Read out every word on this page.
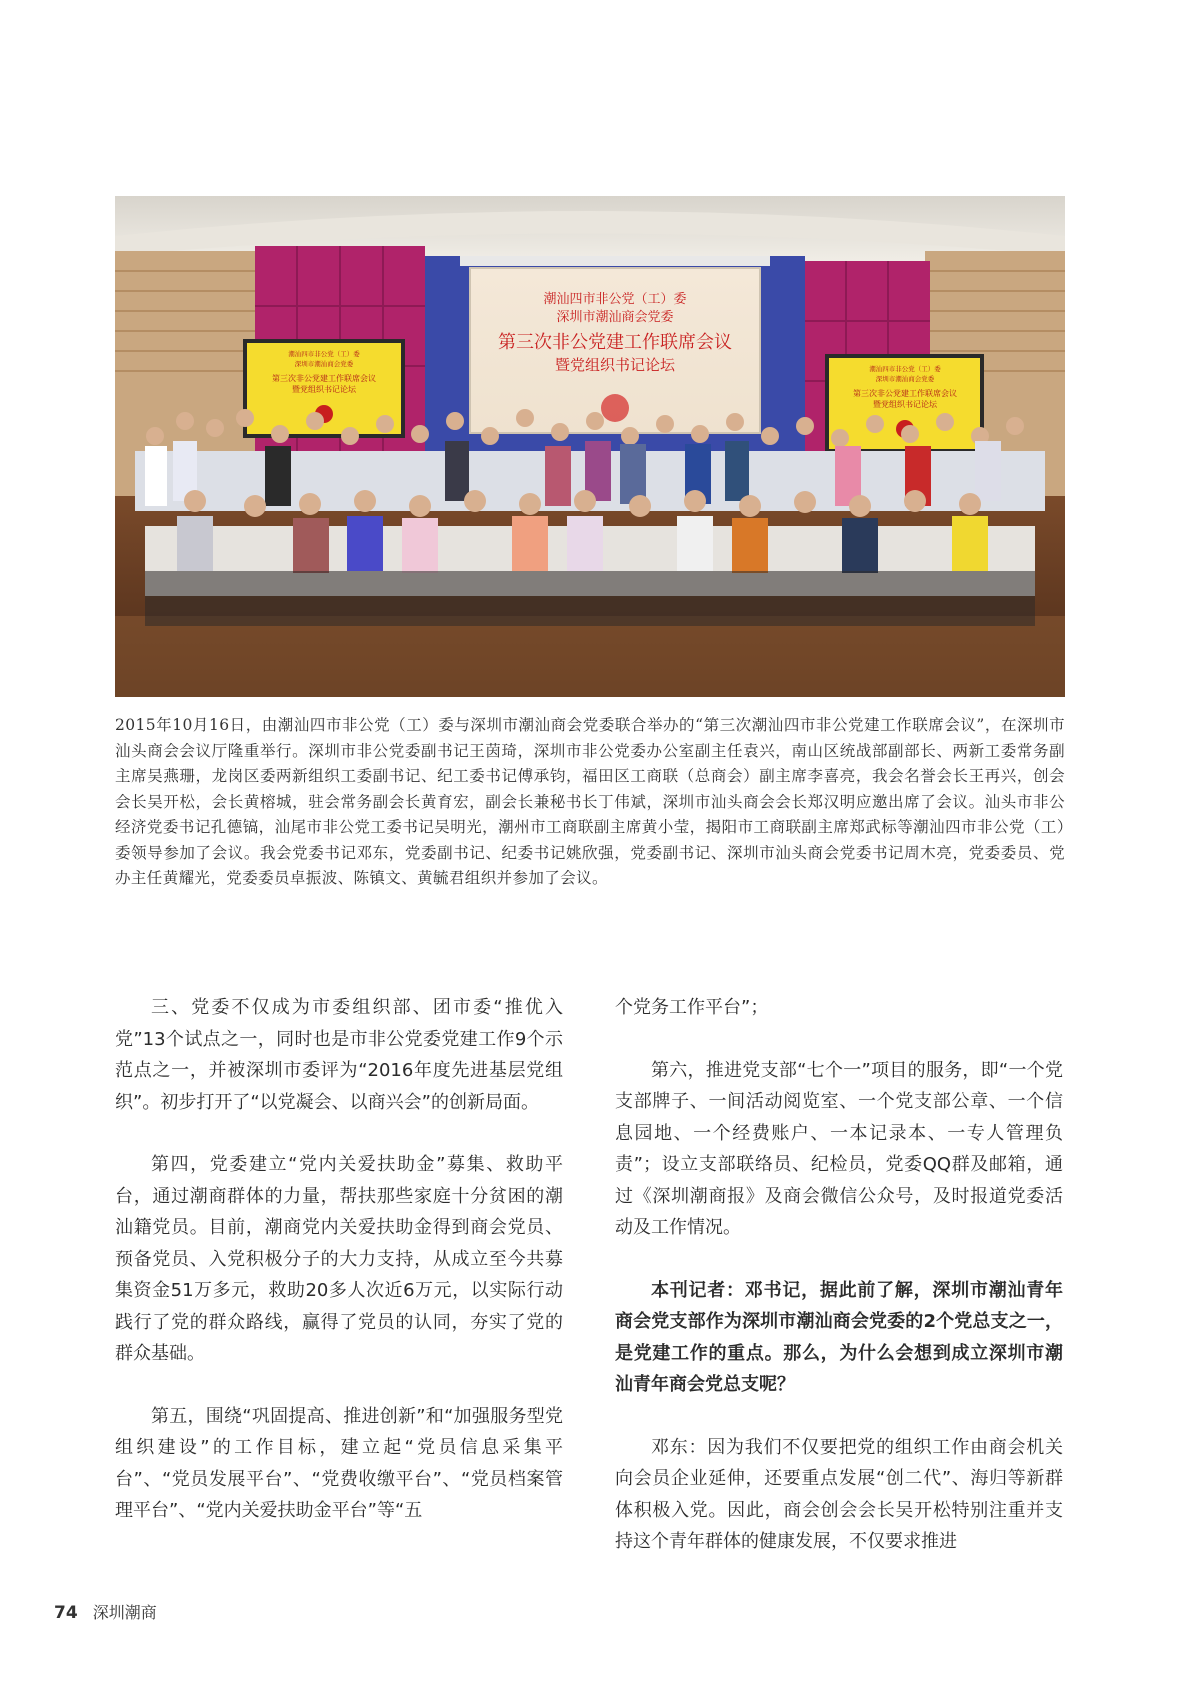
潮汕四市非公党（工）委
深圳市潮汕商会党委
第三次非公党建工作联席会议
暨党组织书记论坛
潮汕四市非公党（工）委
深圳市潮汕商会党委
第三次非公党建工作联席会议
暨党组织书记论坛
潮汕四市非公党（工）委
深圳市潮汕商会党委
第三次非公党建工作联席会议
暨党组织书记论坛

2015年10月16日，由潮汕四市非公党（工）委与深圳市潮汕商会党委联合举办的“第三次潮汕四市非公党建工作联席会议”，在深圳市汕头商会会议厅隆重举行。深圳市非公党委副书记王茵琦，深圳市非公党委办公室副主任袁兴，南山区统战部副部长、两新工委常务副主席吴燕珊，龙岗区委两新组织工委副书记、纪工委书记傅承钧，福田区工商联（总商会）副主席李喜亮，我会名誉会长王再兴，创会会长吴开松，会长黄榕城，驻会常务副会长黄育宏，副会长兼秘书长丁伟斌，深圳市汕头商会会长郑汉明应邀出席了会议。汕头市非公经济党委书记孔德镐，汕尾市非公党工委书记吴明光，潮州市工商联副主席黄小莹，揭阳市工商联副主席郑武标等潮汕四市非公党（工）委领导参加了会议。我会党委书记邓东，党委副书记、纪委书记姚欣强，党委副书记、深圳市汕头商会党委书记周木亮，党委委员、党办主任黄耀光，党委委员卓振波、陈镇文、黄毓君组织并参加了会议。

三、党委不仅成为市委组织部、团市委“推优入党”13个试点之一，同时也是市非公党委党建工作9个示范点之一，并被深圳市委评为“2016年度先进基层党组织”。初步打开了“以党凝会、以商兴会”的创新局面。

第四，党委建立“党内关爱扶助金”募集、救助平台，通过潮商群体的力量，帮扶那些家庭十分贫困的潮汕籍党员。目前，潮商党内关爱扶助金得到商会党员、预备党员、入党积极分子的大力支持，从成立至今共募集资金51万多元，救助20多人次近6万元，以实际行动践行了党的群众路线，赢得了党员的认同，夯实了党的群众基础。

第五，围绕“巩固提高、推进创新”和“加强服务型党组织建设”的工作目标，建立起“党员信息采集平台”、“党员发展平台”、“党费收缴平台”、“党员档案管理平台”、“党内关爱扶助金平台”等“五

个党务工作平台”；

第六，推进党支部“七个一”项目的服务，即“一个党支部牌子、一间活动阅览室、一个党支部公章、一个信息园地、一个经费账户、一本记录本、一专人管理负责”；设立支部联络员、纪检员，党委QQ群及邮箱，通过《深圳潮商报》及商会微信公众号，及时报道党委活动及工作情况。

本刊记者：邓书记，据此前了解，深圳市潮汕青年商会党支部作为深圳市潮汕商会党委的2个党总支之一，是党建工作的重点。那么，为什么会想到成立深圳市潮汕青年商会党总支呢？

邓东：因为我们不仅要把党的组织工作由商会机关向会员企业延伸，还要重点发展“创二代”、海归等新群体积极入党。因此，商会创会会长吴开松特别注重并支持这个青年群体的健康发展，不仅要求推进

74 深圳潮商
